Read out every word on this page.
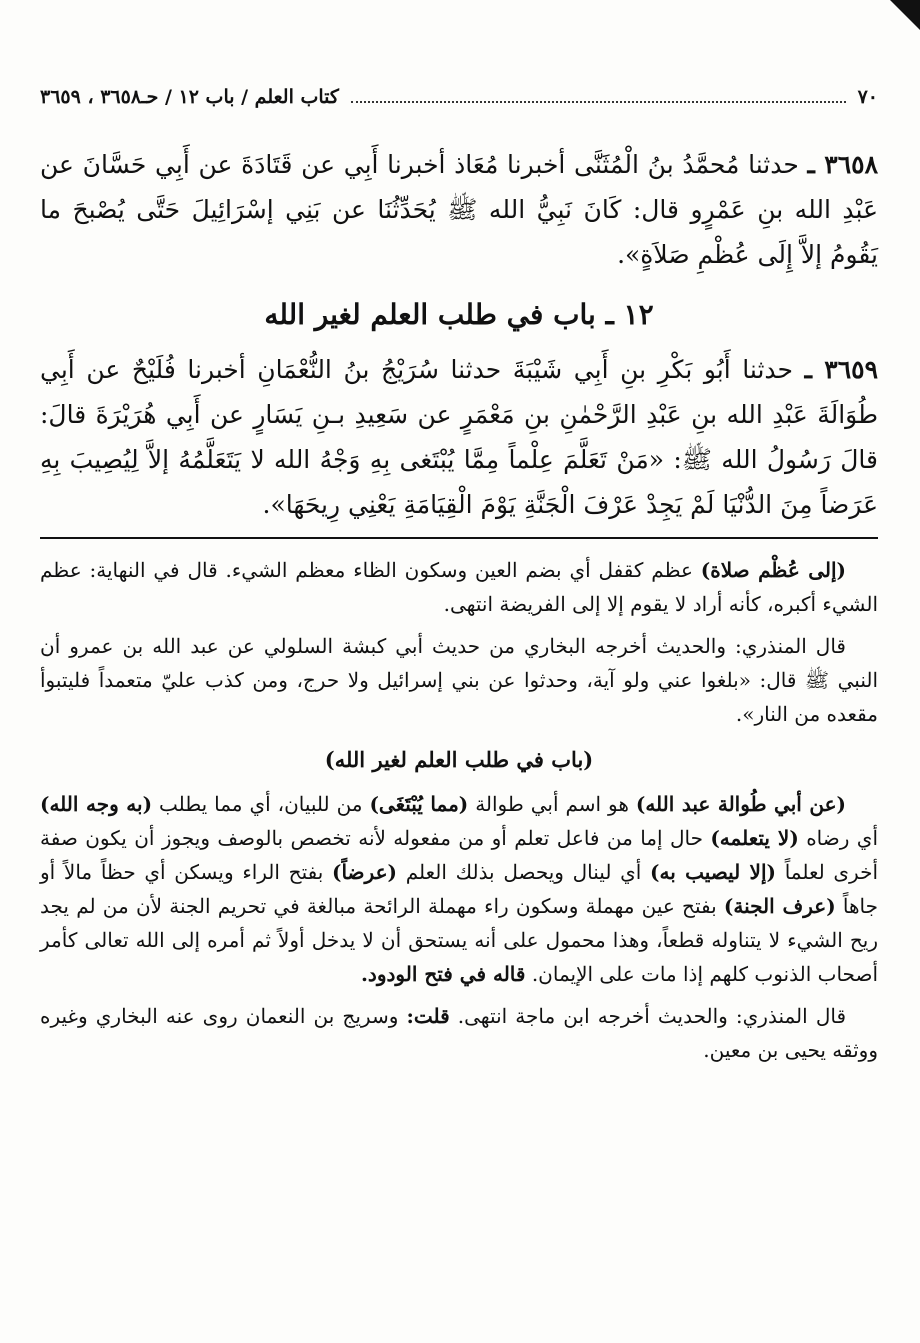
٧٠
كتاب العلم / باب ١٢ / حـ٣٦٥٨ ، ٣٦٥٩

٣٦٥٨ ـ حدثنا مُحمَّدُ بنُ الْمُثَنَّى أخبرنا مُعَاذ أخبرنا أَبِي عن قَتَادَةَ عن أَبِي حَسَّانَ عن عَبْدِ الله بنِ عَمْرٍو قال: كَانَ نَبِيُّ الله ﷺ يُحَدِّثُنَا عن بَنِي إسْرَائِيلَ حَتَّى يُصْبحَ ما يَقُومُ إلاَّ إِلَى عُظْمِ صَلاَةٍ».

١٢ ـ باب في طلب العلم لغير الله

٣٦٥٩ ـ حدثنا أَبُو بَكْرِ بنِ أَبِي شَيْبَةَ حدثنا سُرَيْجُ بنُ النُّعْمَانِ أخبرنا فُلَيْحٌ عن أَبِي طُوَالَةَ عَبْدِ الله بنِ عَبْدِ الرَّحْمٰنِ بنِ مَعْمَرٍ عن سَعِيدِ بـنِ يَسَارٍ عن أَبِي هُرَيْرَةَ قالَ: قالَ رَسُولُ الله ﷺ: «مَنْ تَعَلَّمَ عِلْماً مِمَّا يُبْتَغى بِهِ وَجْهُ الله لا يَتَعَلَّمُهُ إلاَّ لِيُصِيبَ بِهِ عَرَضاً مِنَ الدُّنْيَا لَمْ يَجِدْ عَرْفَ الْجَنَّةِ يَوْمَ الْقِيَامَةِ يَعْنِي رِيحَهَا».

(إلى عُظْم صلاة) عظم كقفل أي بضم العين وسكون الظاء معظم الشيء. قال في النهاية: عظم الشيء أكبره، كأنه أراد لا يقوم إلا إلى الفريضة انتهى.

قال المنذري: والحديث أخرجه البخاري من حديث أبي كبشة السلولي عن عبد الله بن عمرو أن النبي ﷺ قال: «بلغوا عني ولو آية، وحدثوا عن بني إسرائيل ولا حرج، ومن كذب عليّ متعمداً فليتبوأ مقعده من النار».

(باب في طلب العلم لغير الله)

(عن أبي طُوالة عبد الله) هو اسم أبي طوالة (مما يُبْتَغَى) من للبيان، أي مما يطلب (به وجه الله) أي رضاه (لا يتعلمه) حال إما من فاعل تعلم أو من مفعوله لأنه تخصص بالوصف ويجوز أن يكون صفة أخرى لعلماً (إلا ليصيب به) أي لينال ويحصل بذلك العلم (عرضاً) بفتح الراء ويسكن أي حظاً مالاً أو جاهاً (عرف الجنة) بفتح عين مهملة وسكون راء مهملة الرائحة مبالغة في تحريم الجنة لأن من لم يجد ريح الشيء لا يتناوله قطعاً، وهذا محمول على أنه يستحق أن لا يدخل أولاً ثم أمره إلى الله تعالى كأمر أصحاب الذنوب كلهم إذا مات على الإيمان. قاله في فتح الودود.

قال المنذري: والحديث أخرجه ابن ماجة انتهى. قلت: وسريج بن النعمان روى عنه البخاري وغيره ووثقه يحيى بن معين.
